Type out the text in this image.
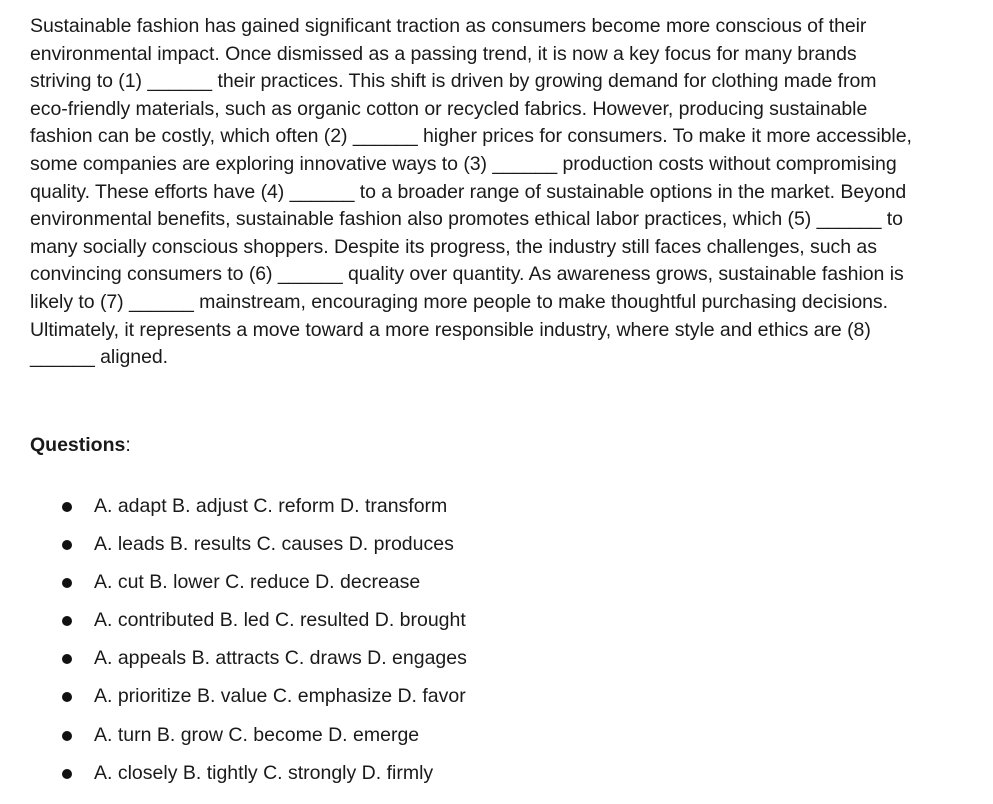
Sustainable fashion has gained significant traction as consumers become more conscious of their
environmental impact. Once dismissed as a passing trend, it is now a key focus for many brands
striving to (1) ______ their practices. This shift is driven by growing demand for clothing made from
eco-friendly materials, such as organic cotton or recycled fabrics. However, producing sustainable
fashion can be costly, which often (2) ______ higher prices for consumers. To make it more accessible,
some companies are exploring innovative ways to (3) ______ production costs without compromising
quality. These efforts have (4) ______ to a broader range of sustainable options in the market. Beyond
environmental benefits, sustainable fashion also promotes ethical labor practices, which (5) ______ to
many socially conscious shoppers. Despite its progress, the industry still faces challenges, such as
convincing consumers to (6) ______ quality over quantity. As awareness grows, sustainable fashion is
likely to (7) ______ mainstream, encouraging more people to make thoughtful purchasing decisions.
Ultimately, it represents a move toward a more responsible industry, where style and ethics are (8)
______ aligned.
Questions:
A. adapt B. adjust C. reform D. transform
A. leads B. results C. causes D. produces
A. cut B. lower C. reduce D. decrease
A. contributed B. led C. resulted D. brought
A. appeals B. attracts C. draws D. engages
A. prioritize B. value C. emphasize D. favor
A. turn B. grow C. become D. emerge
A. closely B. tightly C. strongly D. firmly
